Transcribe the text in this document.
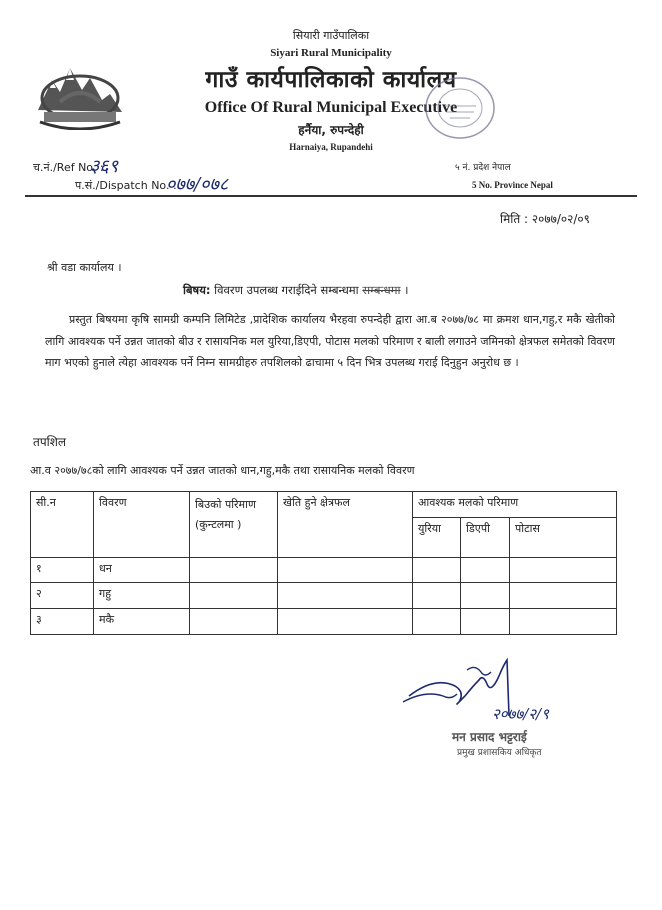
सियारी गाउँपालिका
Siyari Rural Municipality
गाउँ कार्यपालिकाको कार्यालय
Office Of Rural Municipal Executive
हर्नैया, रुपन्देही
Harnaiya, Rupandehi
च.नं./Ref No. :
३६९
प.सं./Dispatch No. :
०७७/०७८
५ नं. प्रदेश नेपाल
5 No. Province Nepal
मिति : २०७७/०२/०९
श्री वडा कार्यालय ।
बिषय: विवरण उपलब्ध गराईदिने सम्बन्धमा सम्बन्धमा ।
प्रस्तुत बिषयमा कृषि सामग्री कम्पनि लिमिटेड ,प्रादेशिक कार्यालय भैरहवा रुपन्देही द्वारा आ.ब २०७७/७८ मा क्रमश धान,गहु,र मकै खेतीको लागि आवश्यक पर्ने उन्नत जातको बीउ र रासायनिक मल युरिया,डिएपी, पोटास मलको परिमाण र बाली लगाउने जमिनको क्षेत्रफल समेतको विवरण माग भएको हुनाले त्येहा आवश्यक पर्ने निम्न सामग्रीहरु तपशिलको ढाचामा ५ दिन भित्र उपलब्ध गराई दिनुहुन अनुरोध छ ।
तपशिल
आ.व २०७७/७८को लागि आवश्यक पर्ने उन्नत जातको धान,गहु,मकै तथा रासायनिक मलको विवरण
सी.न	विवरण	बिउको परिमाण (कुन्टलमा )	खेति हुने क्षेत्रफल	आवश्यक मलको परिमाण		
				युरिया	डिएपी	पोटास
१	धन					
२	गहु					
३	मकै					
२०७७/२/९
मन प्रसाद भट्टराई
प्रमुख प्रशासकिय अधिकृत
